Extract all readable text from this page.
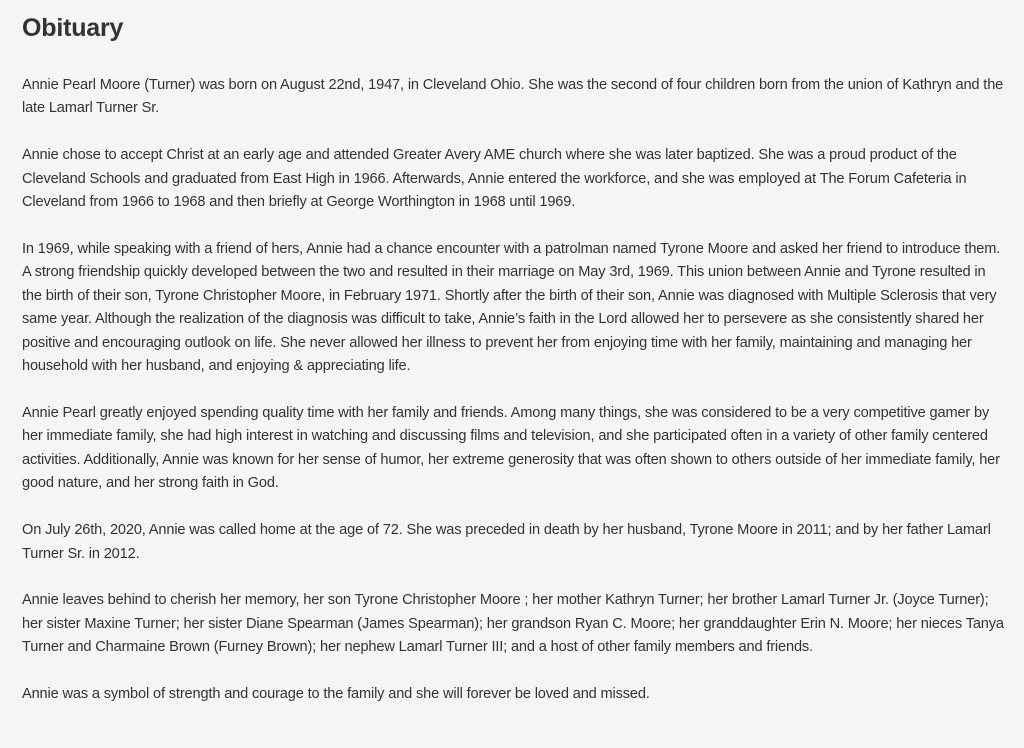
Obituary

Annie Pearl Moore (Turner) was born on August 22nd, 1947, in Cleveland Ohio. She was the second of four children born from the union of Kathryn and the late Lamarl Turner Sr.

Annie chose to accept Christ at an early age and attended Greater Avery AME church where she was later baptized. She was a proud product of the Cleveland Schools and graduated from East High in 1966. Afterwards, Annie entered the workforce, and she was employed at The Forum Cafeteria in Cleveland from 1966 to 1968 and then briefly at George Worthington in 1968 until 1969.

In 1969, while speaking with a friend of hers, Annie had a chance encounter with a patrolman named Tyrone Moore and asked her friend to introduce them. A strong friendship quickly developed between the two and resulted in their marriage on May 3rd, 1969. This union between Annie and Tyrone resulted in the birth of their son, Tyrone Christopher Moore, in February 1971. Shortly after the birth of their son, Annie was diagnosed with Multiple Sclerosis that very same year. Although the realization of the diagnosis was difficult to take, Annie’s faith in the Lord allowed her to persevere as she consistently shared her positive and encouraging outlook on life. She never allowed her illness to prevent her from enjoying time with her family, maintaining and managing her household with her husband, and enjoying & appreciating life.

Annie Pearl greatly enjoyed spending quality time with her family and friends. Among many things, she was considered to be a very competitive gamer by her immediate family, she had high interest in watching and discussing films and television, and she participated often in a variety of other family centered activities. Additionally, Annie was known for her sense of humor, her extreme generosity that was often shown to others outside of her immediate family, her good nature, and her strong faith in God.

On July 26th, 2020, Annie was called home at the age of 72. She was preceded in death by her husband, Tyrone Moore in 2011; and by her father Lamarl Turner Sr. in 2012.

Annie leaves behind to cherish her memory, her son Tyrone Christopher Moore ; her mother Kathryn Turner; her brother Lamarl Turner Jr. (Joyce Turner); her sister Maxine Turner; her sister Diane Spearman (James Spearman); her grandson Ryan C. Moore; her granddaughter Erin N. Moore; her nieces Tanya Turner and Charmaine Brown (Furney Brown); her nephew Lamarl Turner III; and a host of other family members and friends.

Annie was a symbol of strength and courage to the family and she will forever be loved and missed.
